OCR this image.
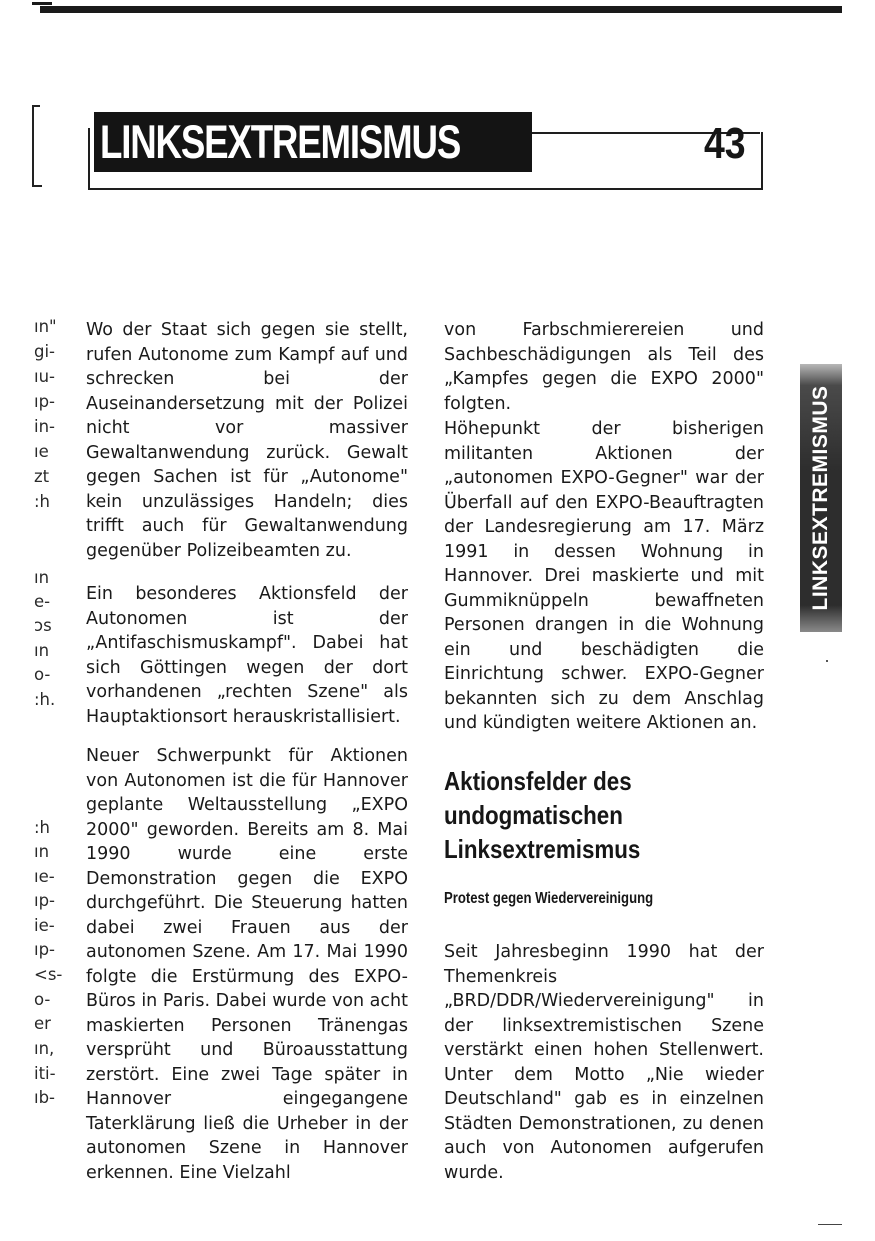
LINKSEXTREMISMUS	43
ın"
gi-
ıu-
ıp-
in-
ıe
zt
:h
ın
e-
ɔs
ın
o-
:h.
:h
ın
ıe-
ıp-
ie-
ıp-
<s-
o-
er
ın,
iti-
ıb-

Wo der Staat sich gegen sie stellt, rufen Autonome zum Kampf auf und schrecken bei der Auseinandersetzung mit der Polizei nicht vor massiver Gewaltanwendung zurück. Gewalt gegen Sachen ist für „Autonome" kein unzulässiges Handeln; dies trifft auch für Gewaltanwendung gegenüber Polizeibeamten zu.

Ein besonderes Aktionsfeld der Autonomen ist der „Antifaschismuskampf". Dabei hat sich Göttingen wegen der dort vorhandenen „rechten Szene" als Hauptaktionsort herauskristallisiert.

Neuer Schwerpunkt für Aktionen von Autonomen ist die für Hannover geplante Weltausstellung „EXPO 2000" geworden. Bereits am 8. Mai 1990 wurde eine erste Demonstration gegen die EXPO durchgeführt. Die Steuerung hatten dabei zwei Frauen aus der autonomen Szene. Am 17. Mai 1990 folgte die Erstürmung des EXPO-Büros in Paris. Dabei wurde von acht maskierten Personen Tränengas versprüht und Büroausstattung zerstört. Eine zwei Tage später in Hannover eingegangene Taterklärung ließ die Urheber in der autonomen Szene in Hannover erkennen. Eine Vielzahl

von Farbschmierereien und Sachbeschädigungen als Teil des „Kampfes gegen die EXPO 2000" folgten.

Höhepunkt der bisherigen militanten Aktionen der „autonomen EXPO-Gegner" war der Überfall auf den EXPO-Beauftragten der Landesregierung am 17. März 1991 in dessen Wohnung in Hannover. Drei maskierte und mit Gummiknüppeln bewaffneten Personen drangen in die Wohnung ein und beschädigten die Einrichtung schwer. EXPO-Gegner bekannten sich zu dem Anschlag und kündigten weitere Aktionen an.

Aktionsfelder des
undogmatischen
Linksextremismus

Protest gegen Wiedervereinigung

Seit Jahresbeginn 1990 hat der Themenkreis „BRD/DDR/Wiedervereinigung" in der linksextremistischen Szene verstärkt einen hohen Stellenwert. Unter dem Motto „Nie wieder Deutschland" gab es in einzelnen Städten Demonstrationen, zu denen auch von Autonomen aufgerufen wurde.

LINKSEXTREMISMUS
